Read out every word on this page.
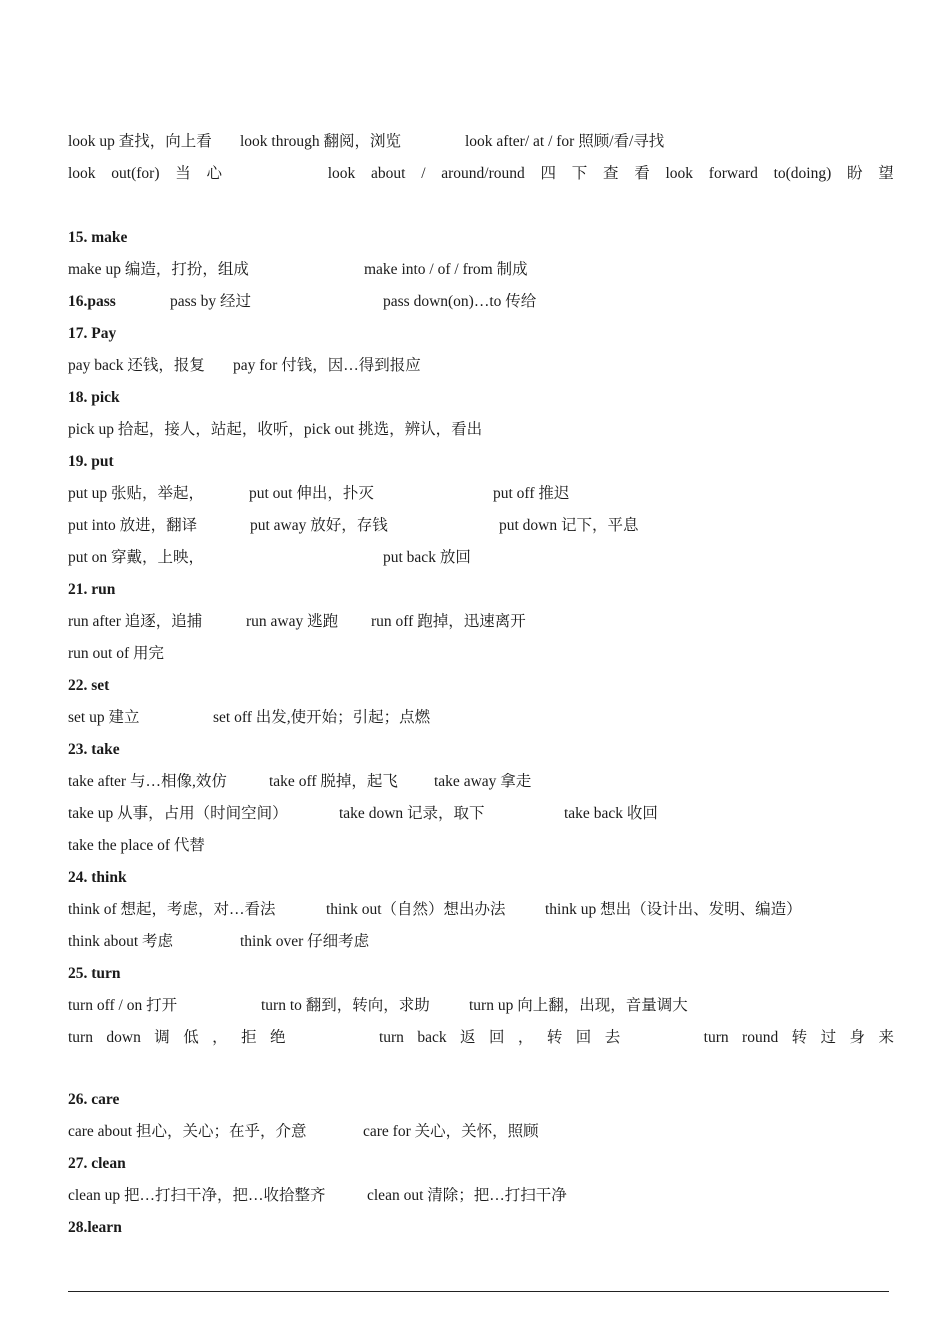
look up 查找，向上看 look through 翻阅，浏览	look after/ at / for 照顾/看/寻找
look out(for) 当 心	look about / around/round 四 下 查 看 look forward to(doing) 盼 望
15. make
make up 编造，打扮，组成	make into / of / from 制成
16.pass	pass by 经过	pass down(on)…to 传给
17. Pay
pay back 还钱，报复 pay for 付钱，因…得到报应
18. pick
pick up 拾起，接人，站起，收听，pick out 挑选，辨认，看出
19. put
put up 张贴，举起，	put out 伸出，扑灭	put off 推迟
put into 放进，翻译	put away 放好，存钱	put down 记下，平息
put on 穿戴，上映，	put back 放回
21. run
run after 追逐，追捕	run away 逃跑 run off 跑掉，迅速离开
run out of 用完
22. set
set up 建立	set off 出发,使开始；引起；点燃
23. take
take after 与…相像,效仿	take off 脱掉，起飞 take away 拿走
take up 从事，占用（时间空间）	take down 记录，取下	take back 收回
take the place of 代替
24. think
think of 想起，考虑，对…看法	think out（自然）想出办法	think up 想出（设计出、发明、编造）
think about 考虑	think over 仔细考虑
25. turn
turn off / on 打开	turn to 翻到，转向，求助	turn up 向上翻，出现，音量调大
turn down 调 低 ， 拒 绝	turn back 返 回 ， 转 回 去	turn round 转 过 身 来
26. care
care about 担心，关心；在乎，介意	care for 关心，关怀，照顾
27. clean
clean up 把…打扫干净，把…收拾整齐	clean out 清除；把…打扫干净
28.learn
